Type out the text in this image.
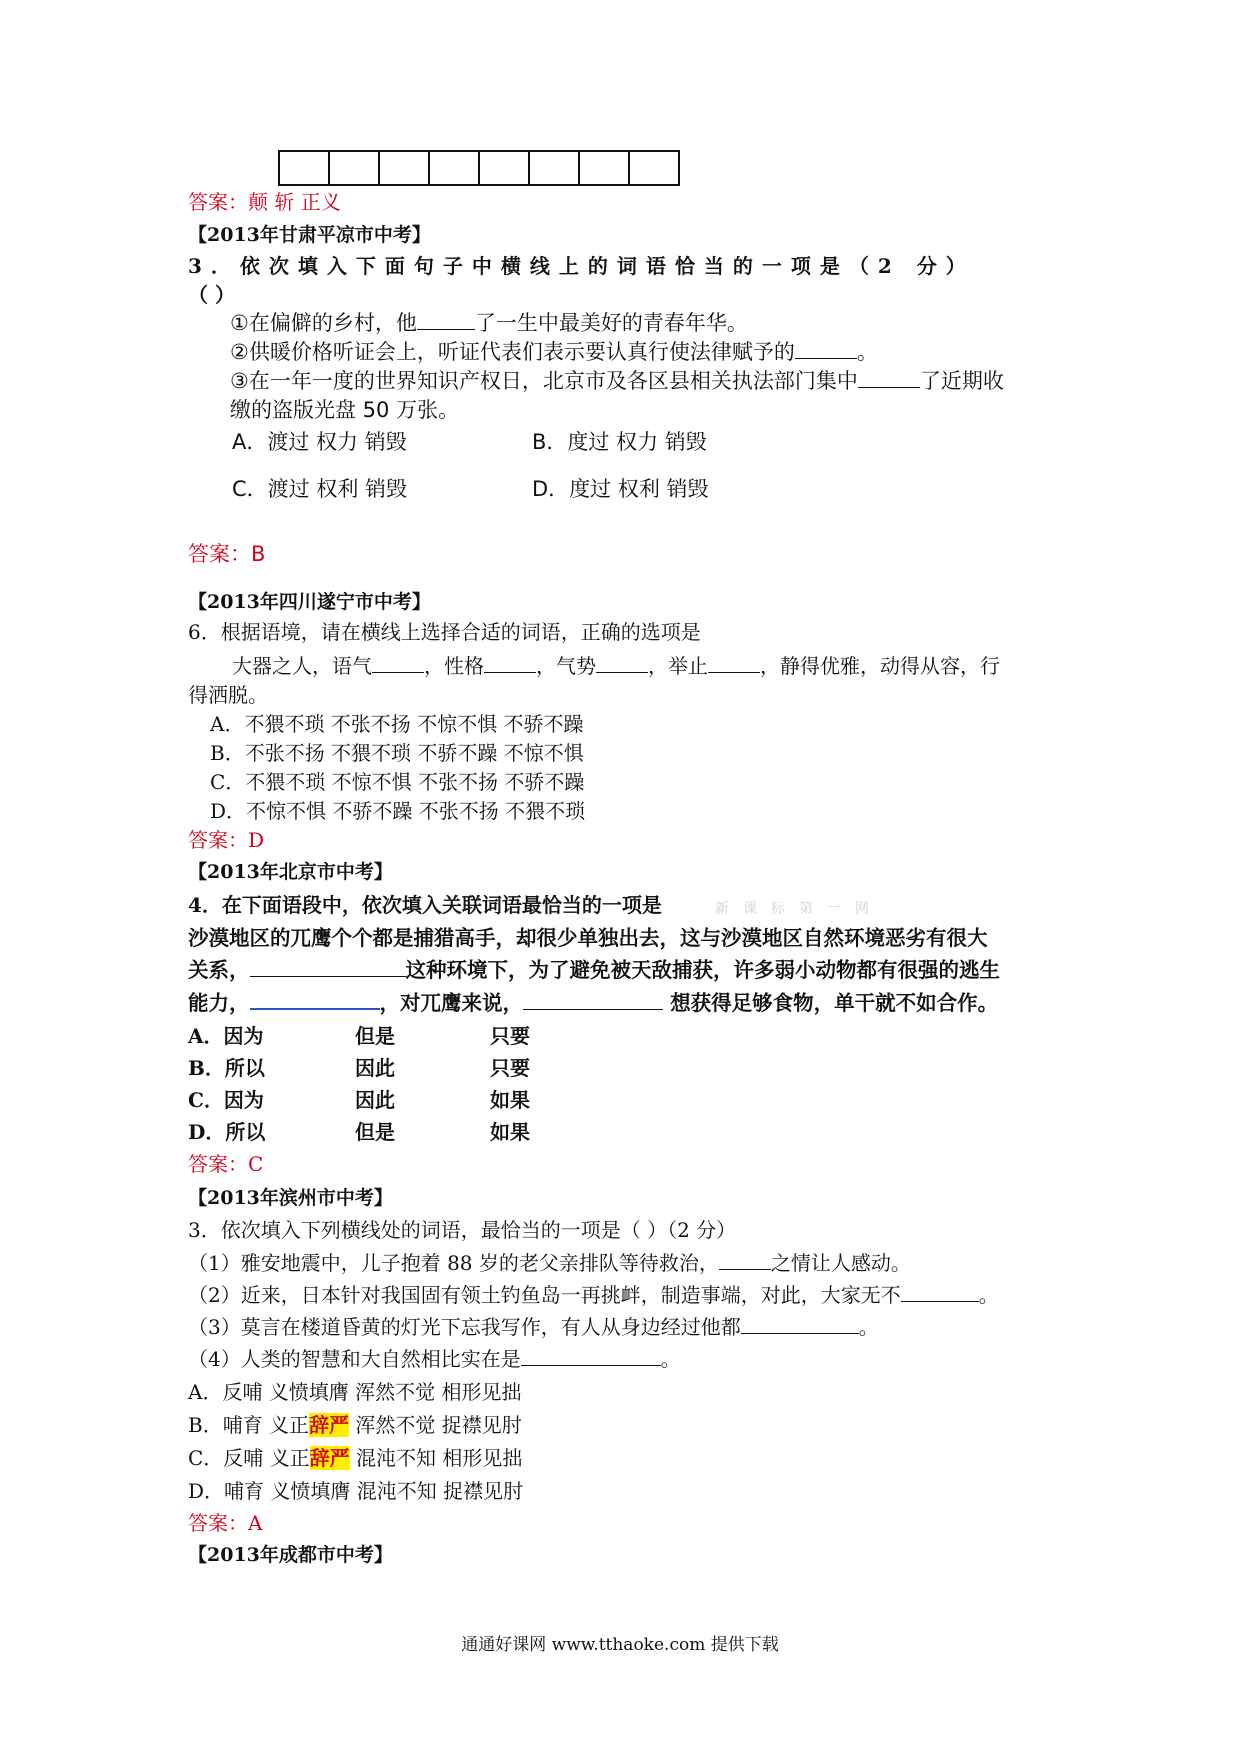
答案：颠 斩 正义
【2013年甘肃平凉市中考】
3．依次填入下面句子中横线上的词语恰当的一项是（2 分）
（ ）
①在偏僻的乡村，他	了一生中最美好的青春年华。
②供暖价格听证会上，听证代表们表示要认真行使法律赋予的	。
③在一年一度的世界知识产权日，北京市及各区县相关执法部门集中	了近期收
缴的盗版光盘 50 万张。
A．渡过 权力 销毁	B．度过 权力 销毁
C．渡过 权利 销毁	D．度过 权利 销毁
答案：B
【2013年四川遂宁市中考】
6．根据语境，请在横线上选择合适的词语，正确的选项是
大器之人，语气	，性格	，气势	，举止	，静得优雅，动得从容，行
得洒脱。
A．不猥不琐 不张不扬 不惊不惧 不骄不躁
B．不张不扬 不猥不琐 不骄不躁 不惊不惧
C．不猥不琐 不惊不惧 不张不扬 不骄不躁
D．不惊不惧 不骄不躁 不张不扬 不猥不琐
答案：D
【2013年北京市中考】
4．在下面语段中，依次填入关联词语最恰当的一项是	新课标第一网
沙漠地区的兀鹰个个都是捕猎高手，却很少单独出去，这与沙漠地区自然环境恶劣有很大
关系，	这种环境下，为了避免被天敌捕获，许多弱小动物都有很强的逃生
能力，	，对兀鹰来说，	想获得足够食物，单干就不如合作。
A．因为	但是	只要
B．所以	因此	只要
C．因为	因此	如果
D．所以	但是	如果
答案：C
【2013年滨州市中考】
3．依次填入下列横线处的词语，最恰当的一项是（ ）（2 分）
（1）雅安地震中，儿子抱着 88 岁的老父亲排队等待救治，	之情让人感动。
（2）近来，日本针对我国固有领土钓鱼岛一再挑衅，制造事端，对此，大家无不	。
（3）莫言在楼道昏黄的灯光下忘我写作，有人从身边经过他都	。
（4）人类的智慧和大自然相比实在是	。
A．反哺 义愤填膺 浑然不觉 相形见拙
B．哺育 义正辞严 浑然不觉 捉襟见肘
C．反哺 义正辞严 混沌不知 相形见拙
D．哺育 义愤填膺 混沌不知 捉襟见肘
答案：A
【2013年成都市中考】
通通好课网 www.tthaoke.com 提供下载
